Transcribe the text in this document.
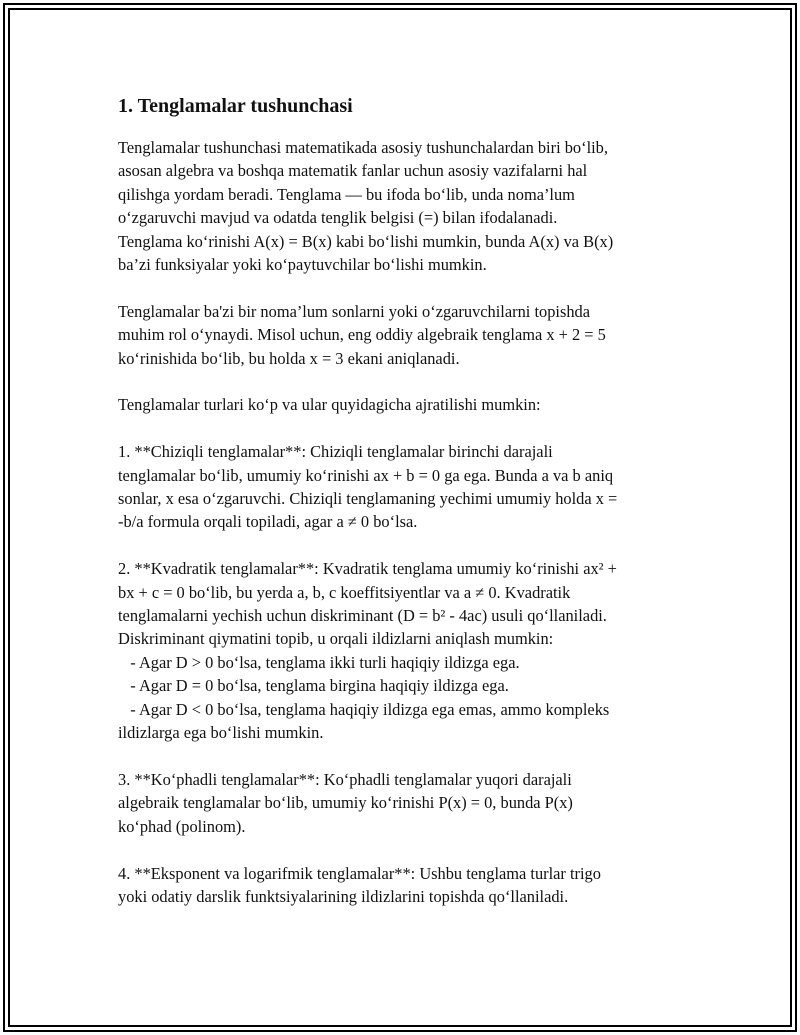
1. Tenglamalar tushunchasi
Tenglamalar tushunchasi matematikada asosiy tushunchalardan biri bo‘lib,
asosan algebra va boshqa matematik fanlar uchun asosiy vazifalarni hal
qilishga yordam beradi. Tenglama — bu ifoda bo‘lib, unda noma’lum
o‘zgaruvchi mavjud va odatda tenglik belgisi (=) bilan ifodalanadi.
Tenglama ko‘rinishi A(x) = B(x) kabi bo‘lishi mumkin, bunda A(x) va B(x)
ba’zi funksiyalar yoki ko‘paytuvchilar bo‘lishi mumkin.
Tenglamalar ba'zi bir noma’lum sonlarni yoki o‘zgaruvchilarni topishda
muhim rol o‘ynaydi. Misol uchun, eng oddiy algebraik tenglama x + 2 = 5
ko‘rinishida bo‘lib, bu holda x = 3 ekani aniqlanadi.
Tenglamalar turlari ko‘p va ular quyidagicha ajratilishi mumkin:
1. **Chiziqli tenglamalar**: Chiziqli tenglamalar birinchi darajali
tenglamalar bo‘lib, umumiy ko‘rinishi ax + b = 0 ga ega. Bunda a va b aniq
sonlar, x esa o‘zgaruvchi. Chiziqli tenglamaning yechimi umumiy holda x =
-b/a formula orqali topiladi, agar a ≠ 0 bo‘lsa.
2. **Kvadratik tenglamalar**: Kvadratik tenglama umumiy ko‘rinishi ax² +
bx + c = 0 bo‘lib, bu yerda a, b, c koeffitsiyentlar va a ≠ 0. Kvadratik
tenglamalarni yechish uchun diskriminant (D = b² - 4ac) usuli qo‘llaniladi.
Diskriminant qiymatini topib, u orqali ildizlarni aniqlash mumkin:
- Agar D > 0 bo‘lsa, tenglama ikki turli haqiqiy ildizga ega.
- Agar D = 0 bo‘lsa, tenglama birgina haqiqiy ildizga ega.
- Agar D < 0 bo‘lsa, tenglama haqiqiy ildizga ega emas, ammo kompleks
ildizlarga ega bo‘lishi mumkin.
3. **Ko‘phadli tenglamalar**: Ko‘phadli tenglamalar yuqori darajali
algebraik tenglamalar bo‘lib, umumiy ko‘rinishi P(x) = 0, bunda P(x)
ko‘phad (polinom).
4. **Eksponent va logarifmik tenglamalar**: Ushbu tenglama turlar trigo
yoki odatiy darslik funktsiyalarining ildizlarini topishda qo‘llaniladi.
